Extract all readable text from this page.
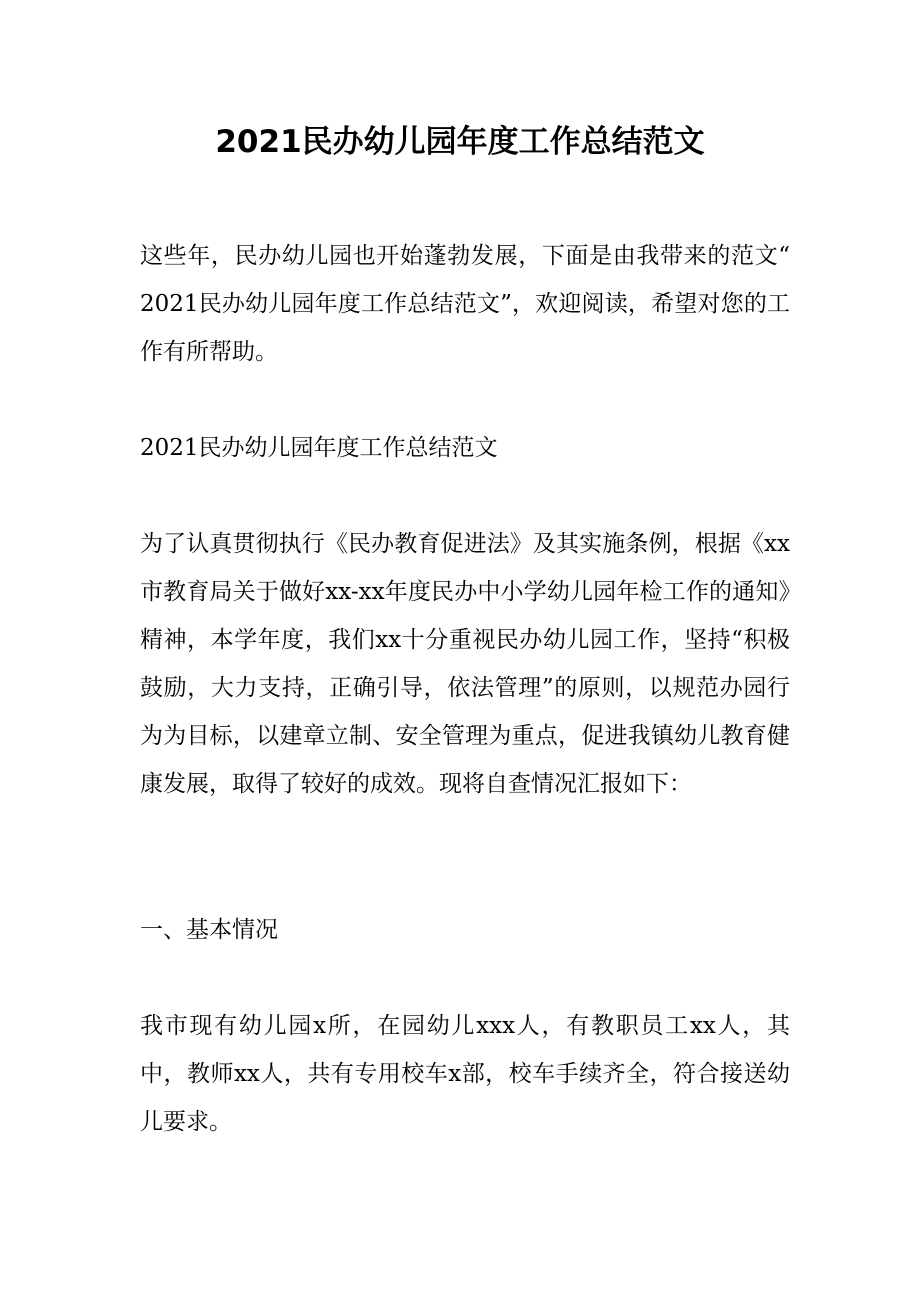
2021民办幼儿园年度工作总结范文

这些年，民办幼儿园也开始蓬勃发展，下面是由我带来的范文“ 2021民办幼儿园年度工作总结范文”，欢迎阅读，希望对您的工作有所帮助。

2021民办幼儿园年度工作总结范文

为了认真贯彻执行《民办教育促进法》及其实施条例，根据《xx市教育局关于做好xx-xx年度民办中小学幼儿园年检工作的通知》精神，本学年度，我们xx十分重视民办幼儿园工作，坚持“积极鼓励，大力支持，正确引导，依法管理”的原则，以规范办园行为为目标，以建章立制、安全管理为重点，促进我镇幼儿教育健康发展，取得了较好的成效。现将自查情况汇报如下：

一、基本情况

我市现有幼儿园x所，在园幼儿xxx人，有教职员工xx人，其中，教师xx人，共有专用校车x部，校车手续齐全，符合接送幼儿要求。
